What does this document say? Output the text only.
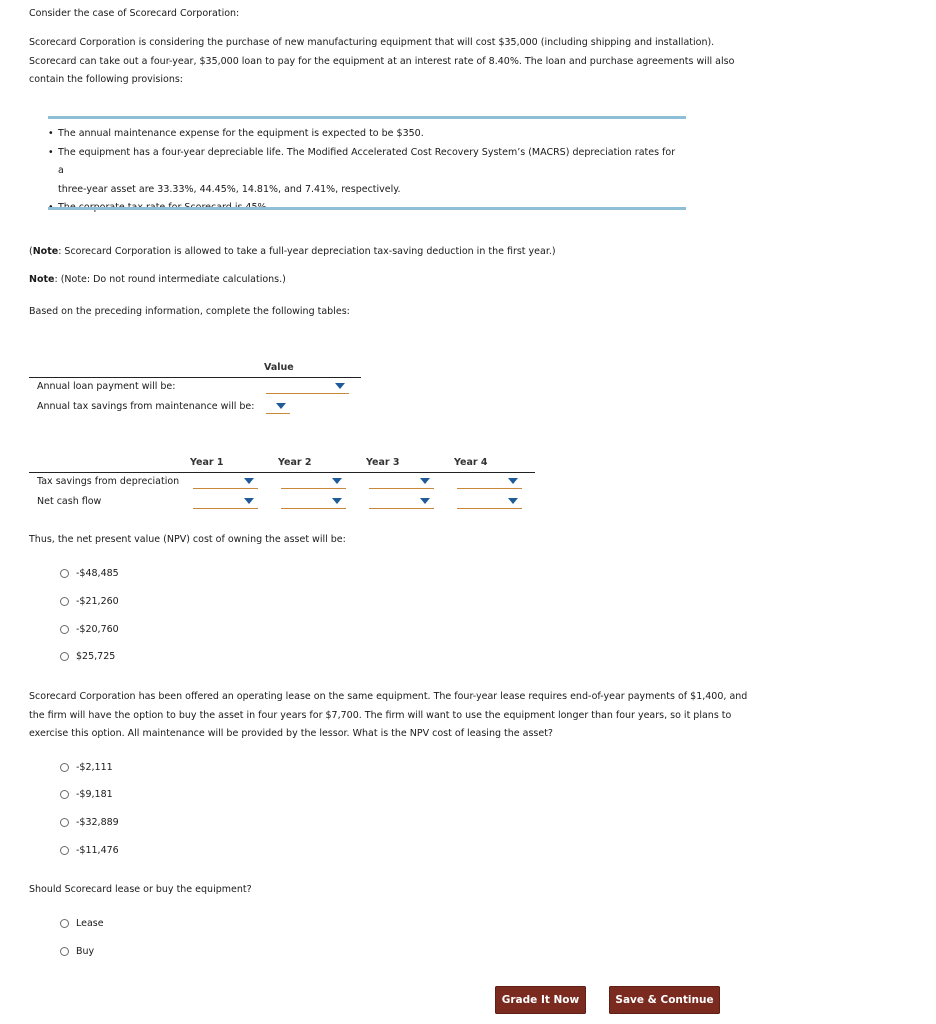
Consider the case of Scorecard Corporation:
Scorecard Corporation is considering the purchase of new manufacturing equipment that will cost $35,000 (including shipping and installation).
Scorecard can take out a four-year, $35,000 loan to pay for the equipment at an interest rate of 8.40%. The loan and purchase agreements will also
contain the following provisions:
• The annual maintenance expense for the equipment is expected to be $350.
• The equipment has a four-year depreciable life. The Modified Accelerated Cost Recovery System’s (MACRS) depreciation rates for a
three-year asset are 33.33%, 44.45%, 14.81%, and 7.41%, respectively.
•
(Note: Scorecard Corporation is allowed to take a full-year depreciation tax-saving deduction in the first year.)
Note: (Note: Do not round intermediate calculations.)
Based on the preceding information, complete the following tables:
Value
Annual loan payment will be:
Annual tax savings from maintenance will be:
Year 1	Year 2	Year 3	Year 4
Tax savings from depreciation
Net cash flow
Thus, the net present value (NPV) cost of owning the asset will be:
-$48,485
-$21,260
-$20,760
$25,725
Scorecard Corporation has been offered an operating lease on the same equipment. The four-year lease requires end-of-year payments of $1,400, and
the firm will have the option to buy the asset in four years for $7,700. The firm will want to use the equipment longer than four years, so it plans to
exercise this option. All maintenance will be provided by the lessor. What is the NPV cost of leasing the asset?
-$2,111
-$9,181
-$32,889
-$11,476
Should Scorecard lease or buy the equipment?
Lease
Buy
Grade It Now	Save & Continue
